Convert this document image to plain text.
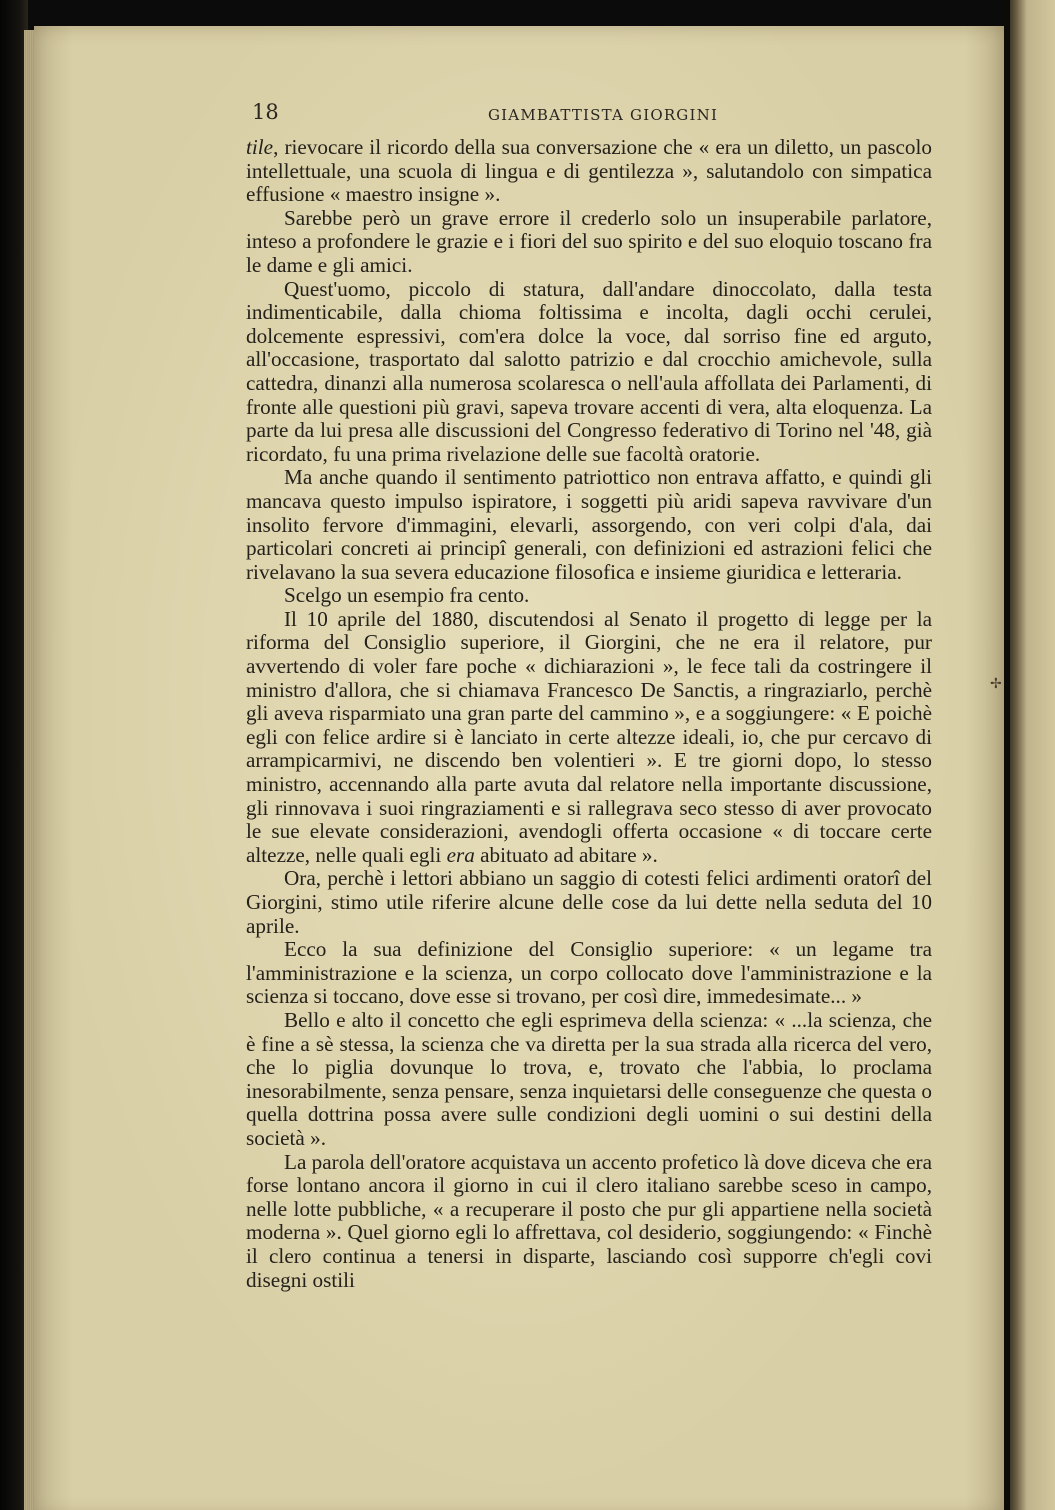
18	GIAMBATTISTA GIORGINI

tile, rievocare il ricordo della sua conversazione che « era un diletto, un pascolo intellettuale, una scuola di lingua e di gentilezza », salutandolo con simpatica effusione « maestro insigne ».

Sarebbe però un grave errore il crederlo solo un insuperabile parlatore, inteso a profondere le grazie e i fiori del suo spirito e del suo eloquio toscano fra le dame e gli amici.

Quest'uomo, piccolo di statura, dall'andare dinoccolato, dalla testa indimenticabile, dalla chioma foltissima e incolta, dagli occhi cerulei, dolcemente espressivi, com'era dolce la voce, dal sorriso fine ed arguto, all'occasione, trasportato dal salotto patrizio e dal crocchio amichevole, sulla cattedra, dinanzi alla numerosa scolaresca o nell'aula affollata dei Parlamenti, di fronte alle questioni più gravi, sapeva trovare accenti di vera, alta eloquenza. La parte da lui presa alle discussioni del Congresso federativo di Torino nel '48, già ricordato, fu una prima rivelazione delle sue facoltà oratorie.

Ma anche quando il sentimento patriottico non entrava affatto, e quindi gli mancava questo impulso ispiratore, i soggetti più aridi sapeva ravvivare d'un insolito fervore d'immagini, elevarli, assorgendo, con veri colpi d'ala, dai particolari concreti ai principî generali, con definizioni ed astrazioni felici che rivelavano la sua severa educazione filosofica e insieme giuridica e letteraria.

Scelgo un esempio fra cento.

Il 10 aprile del 1880, discutendosi al Senato il progetto di legge per la riforma del Consiglio superiore, il Giorgini, che ne era il relatore, pur avvertendo di voler fare poche « dichiarazioni », le fece tali da costringere il ministro d'allora, che si chiamava Francesco De Sanctis, a ringraziarlo, perchè gli aveva risparmiato una gran parte del cammino », e a soggiungere: « E poichè egli con felice ardire si è lanciato in certe altezze ideali, io, che pur cercavo di arrampicarmivi, ne discendo ben volentieri ». E tre giorni dopo, lo stesso ministro, accennando alla parte avuta dal relatore nella importante discussione, gli rinnovava i suoi ringraziamenti e si rallegrava seco stesso di aver provocato le sue elevate considerazioni, avendogli offerta occasione « di toccare certe altezze, nelle quali egli era abituato ad abitare ».

Ora, perchè i lettori abbiano un saggio di cotesti felici ardimenti oratorî del Giorgini, stimo utile riferire alcune delle cose da lui dette nella seduta del 10 aprile.

Ecco la sua definizione del Consiglio superiore: « un legame tra l'amministrazione e la scienza, un corpo collocato dove l'amministrazione e la scienza si toccano, dove esse si trovano, per così dire, immedesimate... »

Bello e alto il concetto che egli esprimeva della scienza: « ...la scienza, che è fine a sè stessa, la scienza che va diretta per la sua strada alla ricerca del vero, che lo piglia dovunque lo trova, e, trovato che l'abbia, lo proclama inesorabilmente, senza pensare, senza inquietarsi delle conseguenze che questa o quella dottrina possa avere sulle condizioni degli uomini o sui destini della società ».

La parola dell'oratore acquistava un accento profetico là dove diceva che era forse lontano ancora il giorno in cui il clero italiano sarebbe sceso in campo, nelle lotte pubbliche, « a recuperare il posto che pur gli appartiene nella società moderna ». Quel giorno egli lo affrettava, col desiderio, soggiungendo: « Finchè il clero continua a tenersi in disparte, lasciando così supporre ch'egli covi disegni ostili

✢
